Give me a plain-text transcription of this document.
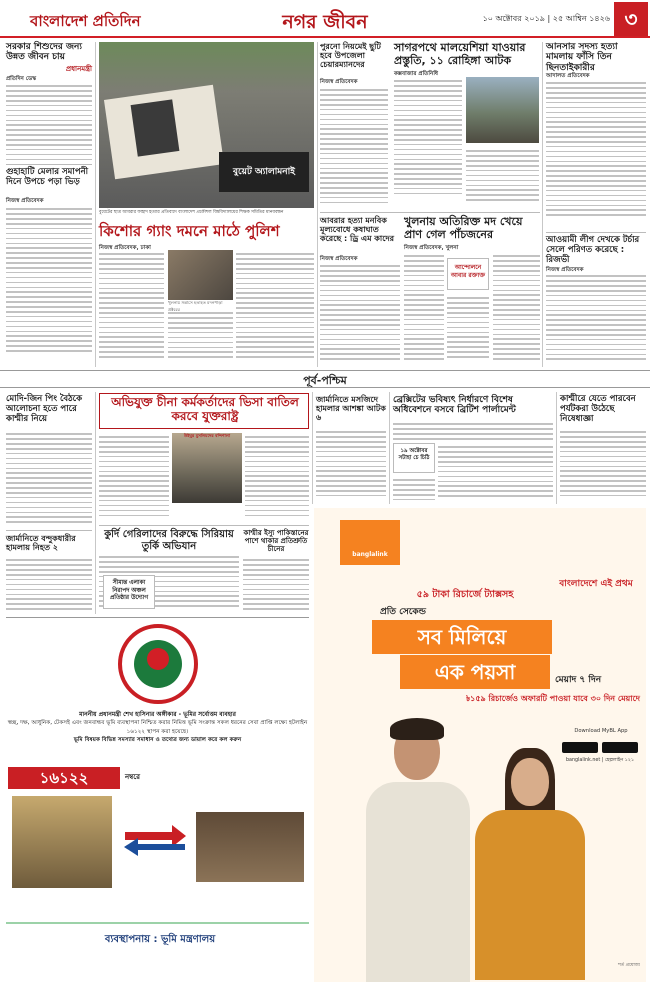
বাংলাদেশ প্রতিদিন	নগর জীবন	১০ অক্টোবর ২০১৯ | ২৫ আশ্বিন ১৪২৬ ৩
সরকার শিশুদের জন্য উন্নত জীবন চায়
প্রধানমন্ত্রী
প্রতিদিন ডেস্ক
গুহাহাটি মেলার সমাপনী দিনে উপচে পড়া ভিড়
নিজস্ব প্রতিবেদক
বুয়েট অ্যালামনাই
বুয়েটের ছাত্র আবরার ফাহাদ হত্যার প্রতিবাদে বাংলাদেশ প্রকৌশল বিশ্ববিদ্যালয়ের শিক্ষক সমিতির মানববন্ধন
কিশোর গ্যাং দমনে মাঠে পুলিশ
নিজস্ব প্রতিবেদক, ঢাকা
খুলনায় সন্ত্রাসে হতাহত মদনপাড়া প্রক্টরের
পুরনো নিয়মেই ছুটি হবে উপজেলা চেয়ারম্যানদের
নিজস্ব প্রতিবেদক
সাগরপথে মালয়েশিয়া যাওয়ার প্রস্তুতি, ১১ রোহিঙ্গা আটক
কক্সবাজার প্রতিনিধি
আনসার সদস্য হত্যা মামলায় ফাঁসি তিন ছিনতাইকারীর
আদালত প্রতিবেদক
আওয়ামী লীগ দেখকে টর্চার সেলে পরিণত করেছে : রিজভী
নিজস্ব প্রতিবেদক
আবরার হত্যা মনবিক মূল্যবোধে কষাঘাত করেছে : ড্রি এম কাদের
নিজস্ব প্রতিবেদক
খুলনায় অতিরিক্ত মদ খেয়ে প্রাণ গেল পাঁচজনের
নিজস্ব প্রতিবেদক, খুলনা
আন্দোলনে আবার রক্তাক্ত
পূর্ব-পশ্চিম
মোদি-জিন পিং বৈঠকে আলোচনা হতে পারে কাশ্মীর নিয়ে
জার্মানিতে বন্দুকধারীর হামলায় নিহত ২
অভিযুক্ত চীনা কর্মকর্তাদের ভিসা বাতিল করবে যুক্তরাষ্ট্র
উইঘুর মুসলিমদের বন্দিশালা
কুর্দি গেরিলাদের বিরুদ্ধে সিরিয়ায় তুর্কি অভিযান
সীমান্ত এলাকা নিরাপদ অঞ্চল প্রতিষ্ঠার উদ্যোগ
কাশ্মীর ইস্যু পাকিস্তানের পাশে থাকার প্রতিশ্রুতি চীনের
জার্মানিতে মসজিদে হামলার আশঙ্কা আটক ৬
ব্রেক্সিটের ভবিষ্যৎ নির্ধারণে বিশেষ অধিবেশনে বসবে ব্রিটিশ পার্লামেন্ট
১৯ অক্টোবর সটাহা চে চিঠি
কাশ্মীরে যেতে পারবেন পর্যটকরা উঠেছে নিষেধাজ্ঞা
মাননীয় প্রধানমন্ত্রী শেখ হাসিনার অঙ্গীকার - ভূমির সর্বোত্তম ব্যবহার
স্বচ্ছ, দক্ষ, আধুনিক, টেকসই এবং জনবান্ধব ভূমি ব্যবস্থাপনা নিশ্চিত করার নিমিত্ত ভূমি সংক্রান্ত সকল ধরনের সেবা প্রাপ্তি লক্ষ্যে হটলাইন ১৬১২২ স্থাপন করা হয়েছে।
ভূমি বিষয়ক বিভিন্ন সমস্যার সমাধান ও তথ্যের জন্য ডায়াল করে কল করুন
১৬১২২	নম্বরে
ব্যবস্থাপনায় : ভূমি মন্ত্রণালয়
banglalink
৫৯ টাকা রিচার্জে ট্যাক্সসহ
প্রতি সেকেন্ড
বাংলাদেশে এই প্রথম
সব মিলিয়ে
এক পয়সা	মেয়াদ ৭ দিন
৳১৫৯ রিচার্জেও অফারটি পাওয়া যাবে ৩০ দিন মেয়াদে
Download MyBL App
banglalink.net | হেল্পলাইন ১২১
শর্ত প্রযোজ্য
